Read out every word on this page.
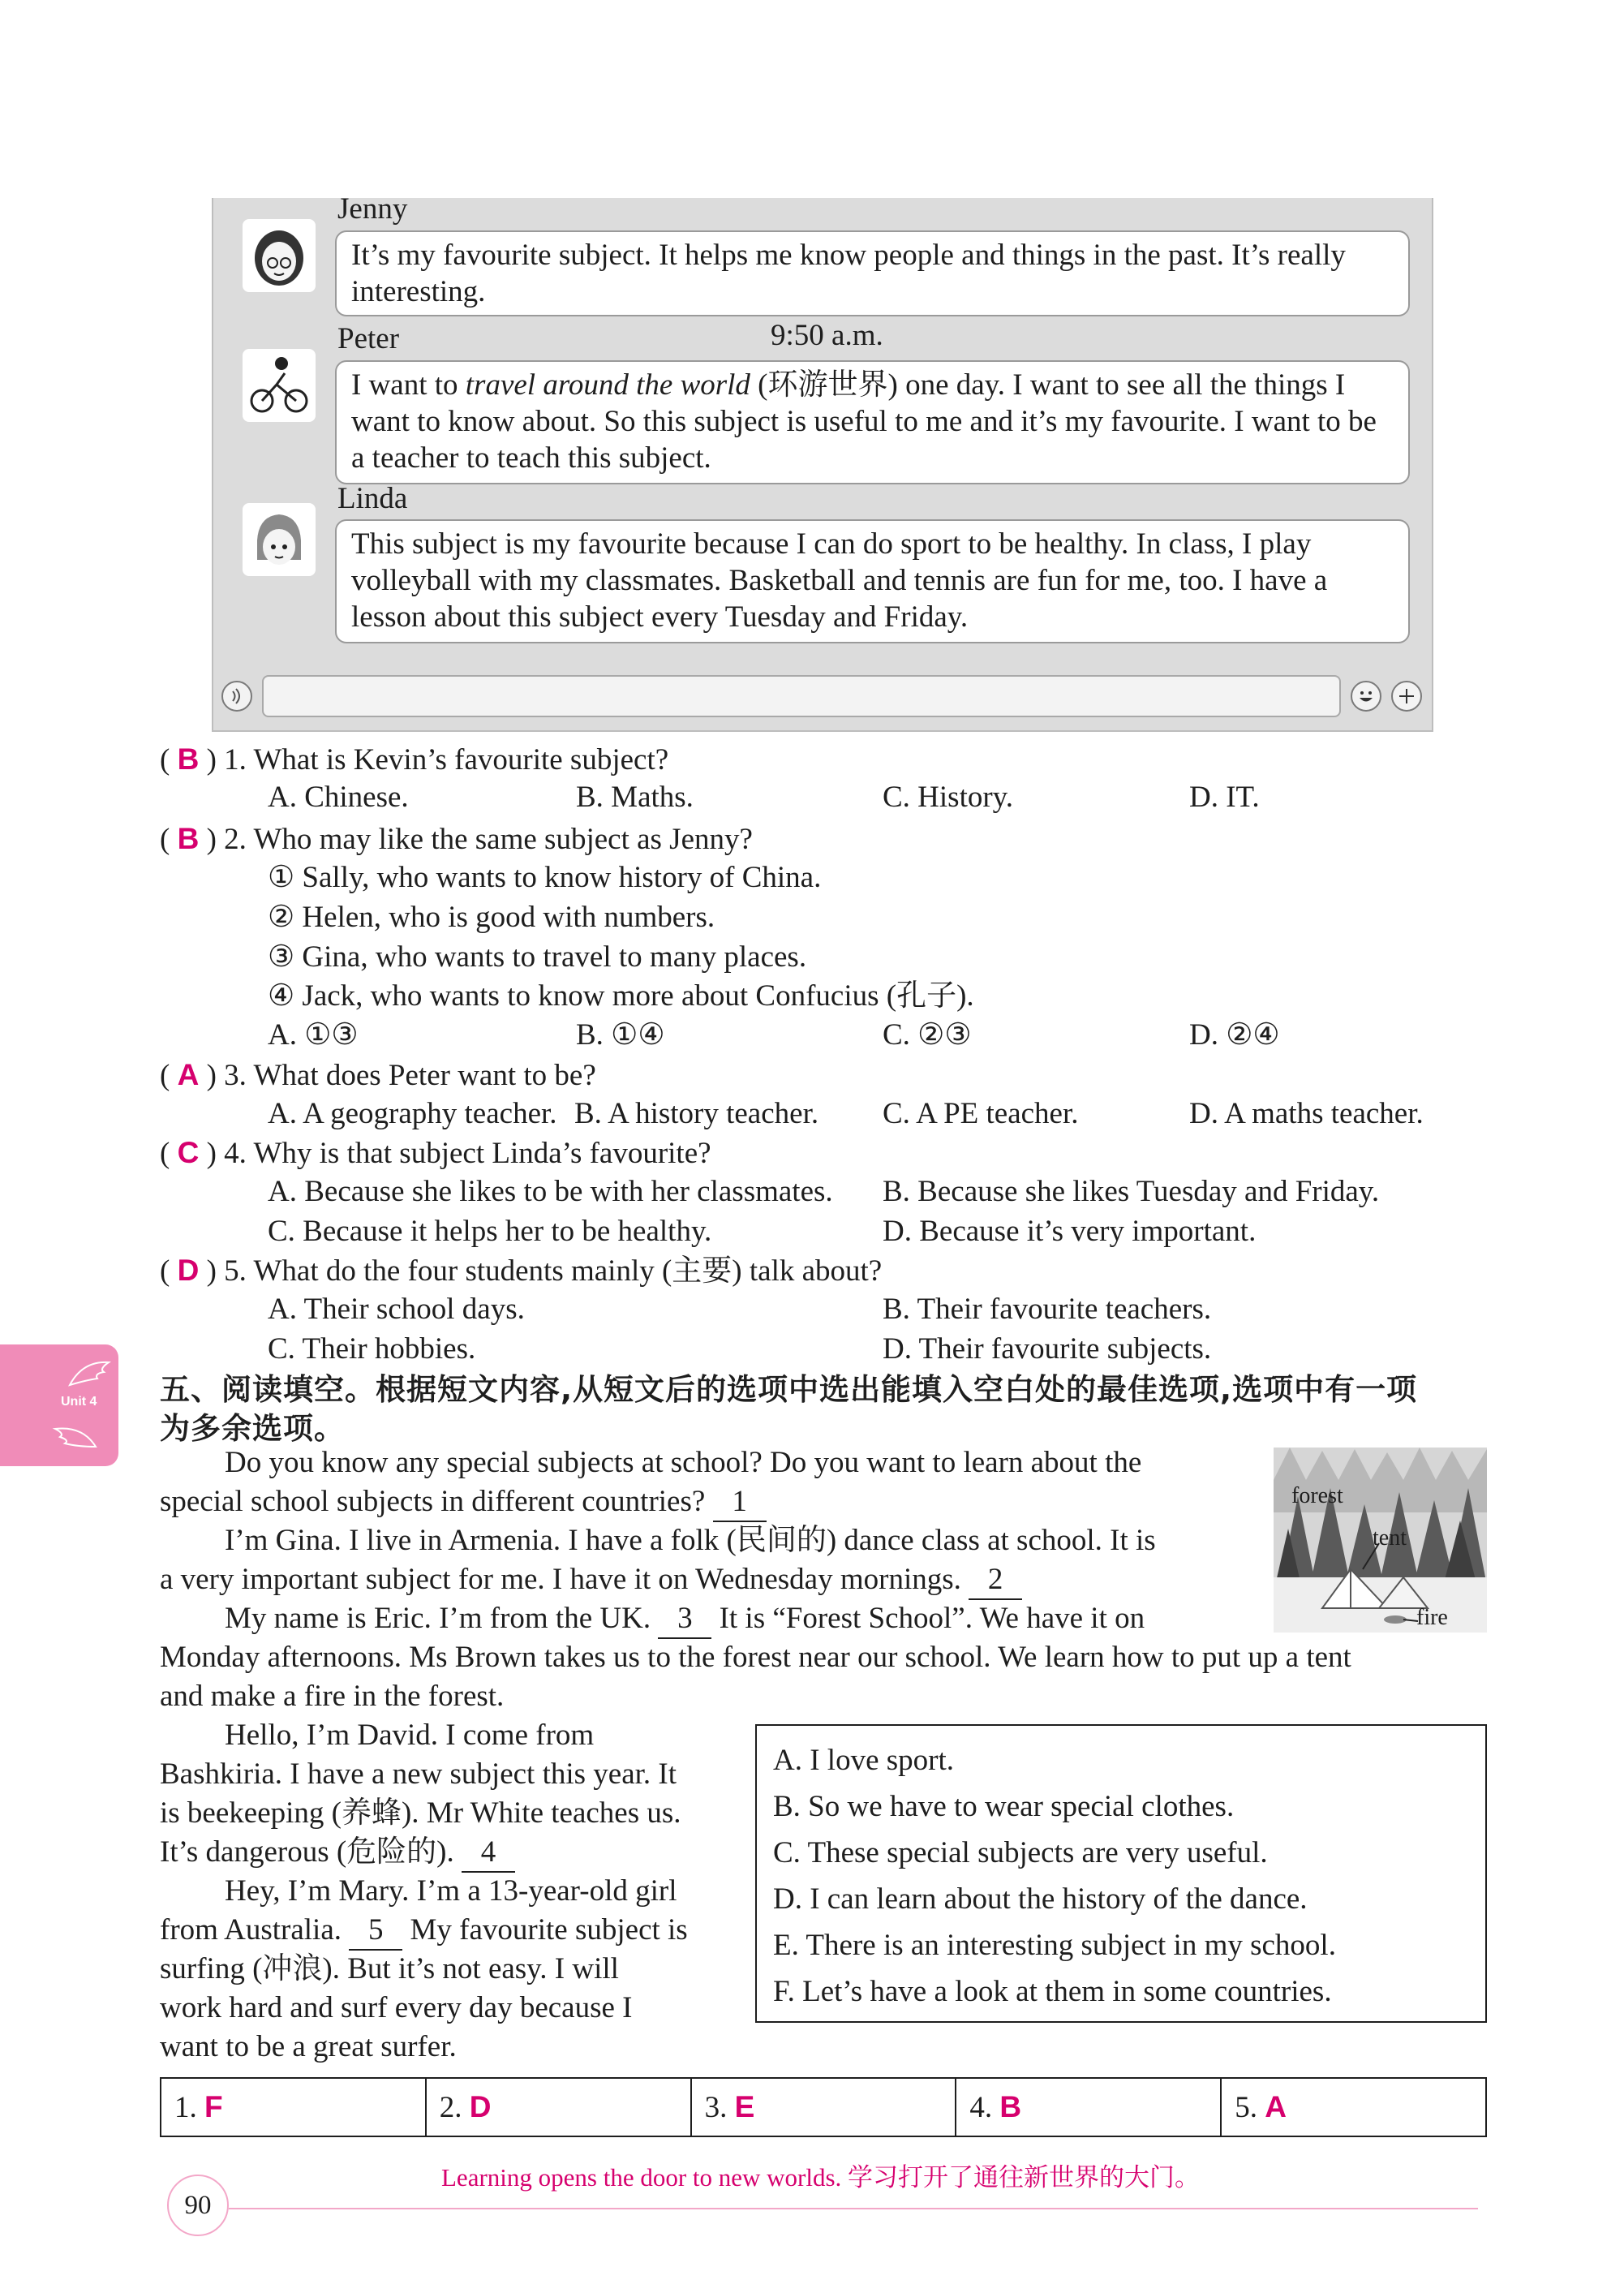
Jenny
It’s my favourite subject. It helps me know people and things in the past. It’s really interesting.
9:50 a.m.
Peter
I want to travel around the world (环游世界) one day. I want to see all the things I want to know about. So this subject is useful to me and it’s my favourite. I want to be a teacher to teach this subject.
Linda
This subject is my favourite because I can do sport to be healthy. In class, I play volleyball with my classmates. Basketball and tennis are fun for me, too. I have a lesson about this subject every Tuesday and Friday.
( B ) 1. What is Kevin’s favourite subject?
A. Chinese.	B. Maths.	C. History.	D. IT.
( B ) 2. Who may like the same subject as Jenny?
① Sally, who wants to know history of China.
② Helen, who is good with numbers.
③ Gina, who wants to travel to many places.
④ Jack, who wants to know more about Confucius (孔子).
A. ①③	B. ①④	C. ②③	D. ②④
( A ) 3. What does Peter want to be?
A. A geography teacher. B. A history teacher. C. A PE teacher.	D. A maths teacher.
( C ) 4. Why is that subject Linda’s favourite?
A. Because she likes to be with her classmates. B. Because she likes Tuesday and Friday.
C. Because it helps her to be healthy.	D. Because it’s very important.
( D ) 5. What do the four students mainly (主要) talk about?
A. Their school days.	B. Their favourite teachers.
C. Their hobbies.	D. Their favourite subjects.
Unit 4 五、阅读填空。根据短文内容,从短文后的选项中选出能填入空白处的最佳选项,选项中有一项
为多余选项。
Do you know any special subjects at school? Do you want to learn about the
special school subjects in different countries? 1
I’m Gina. I live in Armenia. I have a folk (民间的) dance class at school. It is
a very important subject for me. I have it on Wednesday mornings. 2
My name is Eric. I’m from the UK. 3 It is “Forest School”. We have it on
Monday afternoons. Ms Brown takes us to the forest near our school. We learn how to put up a tent
and make a fire in the forest.
forest
tent
fire
Hello, I’m David. I come from
Bashkiria. I have a new subject this year. It
is beekeeping (养蜂). Mr White teaches us.
It’s dangerous (危险的). 4
Hey, I’m Mary. I’m a 13-year-old girl
from Australia. 5 My favourite subject is
surfing (冲浪). But it’s not easy. I will
work hard and surf every day because I
want to be a great surfer.
A. I love sport.
B. So we have to wear special clothes.
C. These special subjects are very useful.
D. I can learn about the history of the dance.
E. There is an interesting subject in my school.
F. Let’s have a look at them in some countries.
1. F	2. D	3. E	4. B	5. A
90
Learning opens the door to new worlds. 学习打开了通往新世界的大门。
